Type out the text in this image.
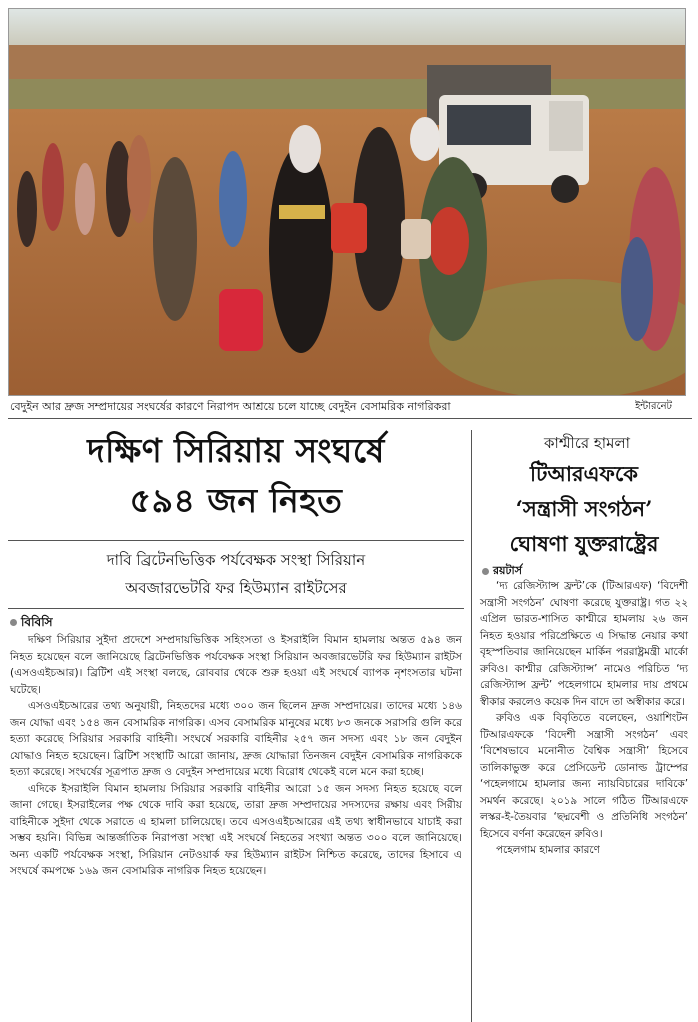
বেদুইন আর দ্রুজ সম্প্রদায়ের সংঘর্ষের কারণে নিরাপদ আশ্রয়ে চলে যাচ্ছে বেদুইন বেসামরিক নাগরিকরা	ইন্টারনেট
দক্ষিণ সিরিয়ায় সংঘর্ষে
৫৯৪ জন নিহত
দাবি ব্রিটেনভিত্তিক পর্যবেক্ষক সংস্থা সিরিয়ান
অবজারভেটরি ফর হিউম্যান রাইটসের
বিবিসি

দক্ষিণ সিরিয়ার সুইদা প্রদেশে সম্প্রদায়ভিত্তিক সহিংসতা ও ইসরাইলি বিমান হামলায় অন্তত ৫৯৪ জন নিহত হয়েছেন বলে জানিয়েছে ব্রিটেনভিত্তিক পর্যবেক্ষক সংস্থা সিরিয়ান অবজারভেটরি ফর হিউম্যান রাইটস (এসওএইচআর)। ব্রিটিশ এই সংস্থা বলছে, রোববার থেকে শুরু হওয়া এই সংঘর্ষে ব্যাপক নৃশংসতার ঘটনা ঘটেছে।

এসওএইচআরের তথ্য অনুযায়ী, নিহতদের মধ্যে ৩০০ জন ছিলেন দ্রুজ সম্প্রদায়ের। তাদের মধ্যে ১৪৬ জন যোদ্ধা এবং ১৫৪ জন বেসামরিক নাগরিক। এসব বেসামরিক মানুষের মধ্যে ৮৩ জনকে সরাসরি গুলি করে হত্যা করেছে সিরিয়ার সরকারি বাহিনী। সংঘর্ষে সরকারি বাহিনীর ২৫৭ জন সদস্য এবং ১৮ জন বেদুইন যোদ্ধাও নিহত হয়েছেন। ব্রিটিশ সংস্থাটি আরো জানায়, দ্রুজ যোদ্ধারা তিনজন বেদুইন বেসামরিক নাগরিককে হত্যা করেছে। সংঘর্ষের সূত্রপাত দ্রুজ ও বেদুইন সম্প্রদায়ের মধ্যে বিরোধ থেকেই বলে মনে করা হচ্ছে।

এদিকে ইসরাইলি বিমান হামলায় সিরিয়ার সরকারি বাহিনীর আরো ১৫ জন সদস্য নিহত হয়েছে বলে জানা গেছে। ইসরাইলের পক্ষ থেকে দাবি করা হয়েছে, তারা দ্রুজ সম্প্রদায়ের সদস্যদের রক্ষায় এবং সিরীয় বাহিনীকে সুইদা থেকে সরাতে এ হামলা চালিয়েছে। তবে এসওএইচআরের এই তথ্য স্বাধীনভাবে যাচাই করা সম্ভব হয়নি। বিভিন্ন আন্তর্জাতিক নিরাপত্তা সংস্থা এই সংঘর্ষে নিহতের সংখ্যা অন্তত ৩০০ বলে জানিয়েছে। অন্য একটি পর্যবেক্ষক সংস্থা, সিরিয়ান নেটওয়ার্ক ফর হিউম্যান রাইটস নিশ্চিত করেছে, তাদের হিসাবে এ সংঘর্ষে কমপক্ষে ১৬৯ জন বেসামরিক নাগরিক নিহত হয়েছেন।

কাশ্মীরে হামলা
টিআরএফকে
‘সন্ত্রাসী সংগঠন’
ঘোষণা যুক্তরাষ্ট্রের
রয়টার্স

‘দ্য রেজিস্ট্যান্স ফ্রন্ট’কে (টিআরএফ) ‘বিদেশী সন্ত্রাসী সংগঠন’ ঘোষণা করেছে যুক্তরাষ্ট্র। গত ২২ এপ্রিল ভারত-শাসিত কাশ্মীরে হামলায় ২৬ জন নিহত হওয়ার পরিপ্রেক্ষিতে এ সিদ্ধান্ত নেয়ার কথা বৃহস্পতিবার জানিয়েছেন মার্কিন পররাষ্ট্রমন্ত্রী মার্কো রুবিও। কাশ্মীর রেজিস্ট্যান্স’ নামেও পরিচিত ‘দ্য রেজিস্ট্যান্স ফ্রন্ট’ পহেলগামে হামলার দায় প্রথমে স্বীকার করলেও কয়েক দিন বাদে তা অস্বীকার করে।

রুবিও এক বিবৃতিতে বলেছেন, ওয়াশিংটন টিআরএফকে ‘বিদেশী সন্ত্রাসী সংগঠন’ এবং ‘বিশেষভাবে মনোনীত বৈশ্বিক সন্ত্রাসী’ হিসেবে তালিকাভুক্ত করে প্রেসিডেন্ট ডোনাল্ড ট্রাম্পের ‘পহেলগামে হামলার জন্য ন্যায়বিচারের দাবিকে’ সমর্থন করেছে। ২০১৯ সালে গঠিত টিআরএফে লস্কর-ই-তৈয়বার ‘ছদ্মবেশী ও প্রতিনিধি সংগঠন’ হিসেবে বর্ণনা করেছেন রুবিও।

পহেলগাম হামলার কারণে
